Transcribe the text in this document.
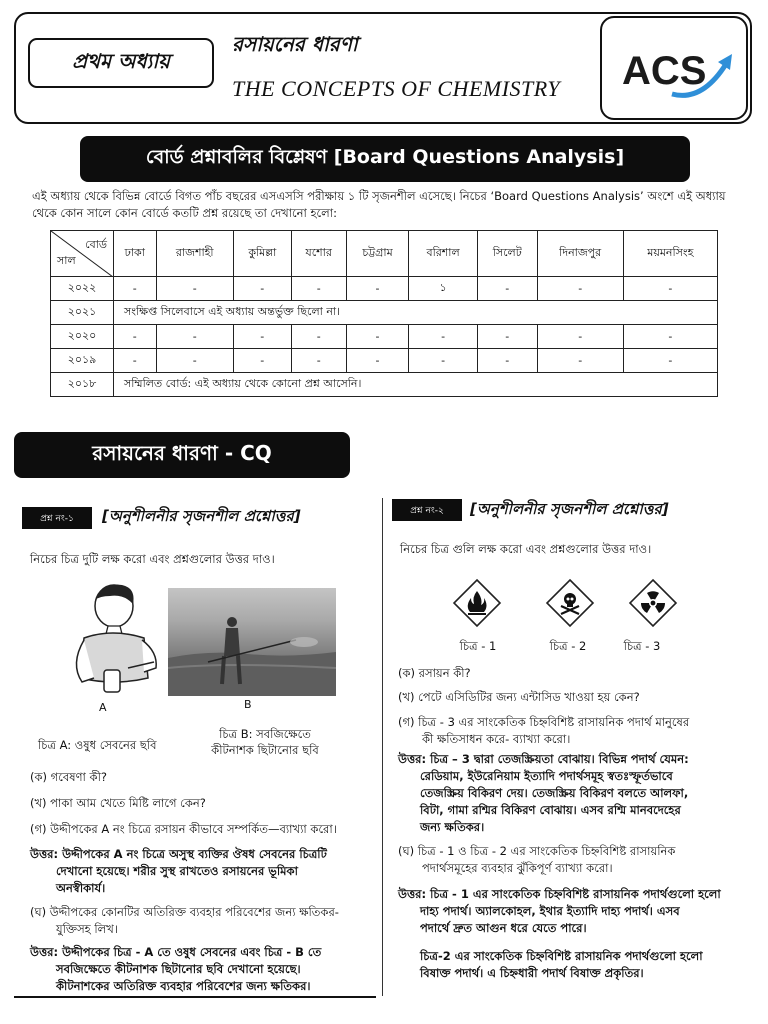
প্রথম অধ্যায়
রসায়নের ধারণা
THE CONCEPTS OF CHEMISTRY ACS
বোর্ড প্রশ্নাবলির বিশ্লেষণ [Board Questions Analysis]
এই অধ্যায় থেকে বিভিন্ন বোর্ডে বিগত পাঁচ বছরের এসএসসি পরীক্ষায় ১ টি সৃজনশীল এসেছে। নিচের ‘Board Questions Analysis’ অংশে এই অধ্যায় থেকে কোন সালে কোন বোর্ডে কতটি প্রশ্ন রয়েছে তা দেখানো হলো:
বোর্ড
সাল	ঢাকা	রাজশাহী	কুমিল্লা	যশোর	চট্টগ্রাম	বরিশাল	সিলেট	দিনাজপুর	ময়মনসিংহ
২০২২	-	-	-	-	-	১	-	-	-
২০২১	সংক্ষিপ্ত সিলেবাসে এই অধ্যায় অন্তর্ভুক্ত ছিলো না।								
২০২০	-	-	-	-	-	-	-	-	-
২০১৯	-	-	-	-	-	-	-	-	-
২০১৮	সম্মিলিত বোর্ড: এই অধ্যায় থেকে কোনো প্রশ্ন আসেনি।								
রসায়নের ধারণা - CQ
প্রশ্ন নং-১	[অনুশীলনীর সৃজনশীল প্রশ্নোত্তর]
নিচের চিত্র দুটি লক্ষ করো এবং প্রশ্নগুলোর উত্তর দাও।
A	B
চিত্র A: ওষুধ সেবনের ছবি
চিত্র B: সবজিক্ষেতে
কীটনাশক ছিটানোর ছবি
(ক) গবেষণা কী?
(খ) পাকা আম খেতে মিষ্টি লাগে কেন?
(গ) উদ্দীপকের A নং চিত্রে রসায়ন কীভাবে সম্পর্কিত—ব্যাখ্যা করো।
উত্তর: উদ্দীপকের A নং চিত্রে অসুস্থ ব্যক্তির ঔষধ সেবনের চিত্রটি
দেখানো হয়েছে। শরীর সুস্থ রাখতেও রসায়নের ভূমিকা
অনস্বীকার্য।
(ঘ) উদ্দীপকের কোনটির অতিরিক্ত ব্যবহার পরিবেশের জন্য ক্ষতিকর-
যুক্তিসহ লিখ।
উত্তর: উদ্দীপকের চিত্র - A তে ওষুধ সেবনের এবং চিত্র - B তে
সবজিক্ষেতে কীটনাশক ছিটানোর ছবি দেখানো হয়েছে।
কীটনাশকের অতিরিক্ত ব্যবহার পরিবেশের জন্য ক্ষতিকর।
প্রশ্ন নং-২	[অনুশীলনীর সৃজনশীল প্রশ্নোত্তর]
নিচের চিত্র গুলি লক্ষ করো এবং প্রশ্নগুলোর উত্তর দাও।
চিত্র - 1	চিত্র - 2	চিত্র - 3
(ক) রসায়ন কী?
(খ) পেটে এসিডিটির জন্য এন্টাসিড খাওয়া হয় কেন?
(গ) চিত্র - 3 এর সাংকেতিক চিহ্নবিশিষ্ট রাসায়নিক পদার্থ মানুষের
কী ক্ষতিসাধন করে- ব্যাখ্যা করো।
উত্তর: চিত্র – 3 দ্বারা তেজস্ক্রিয়তা বোঝায়। বিভিন্ন পদার্থ যেমন:
রেডিয়াম, ইউরেনিয়াম ইত্যাদি পদার্থসমূহ স্বতঃস্ফূর্তভাবে
তেজস্ক্রিয় বিকিরণ দেয়। তেজস্ক্রিয় বিকিরণ বলতে আলফা,
বিটা, গামা রশ্মির বিকিরণ বোঝায়। এসব রশ্মি মানবদেহের
জন্য ক্ষতিকর।
(ঘ) চিত্র - 1 ও চিত্র - 2 এর সাংকেতিক চিহ্নবিশিষ্ট রাসায়নিক
পদার্থসমূহের ব্যবহার ঝুঁকিপূর্ণ ব্যাখ্যা করো।
উত্তর: চিত্র - 1 এর সাংকেতিক চিহ্নবিশিষ্ট রাসায়নিক পদার্থগুলো হলো
দাহ্য পদার্থ। অ্যালকোহল, ইথার ইত্যাদি দাহ্য পদার্থ। এসব
পদার্থে দ্রুত আগুন ধরে যেতে পারে।
চিত্র-2 এর সাংকেতিক চিহ্নবিশিষ্ট রাসায়নিক পদার্থগুলো হলো
বিষাক্ত পদার্থ। এ চিহ্নধারী পদার্থ বিষাক্ত প্রকৃতির।
